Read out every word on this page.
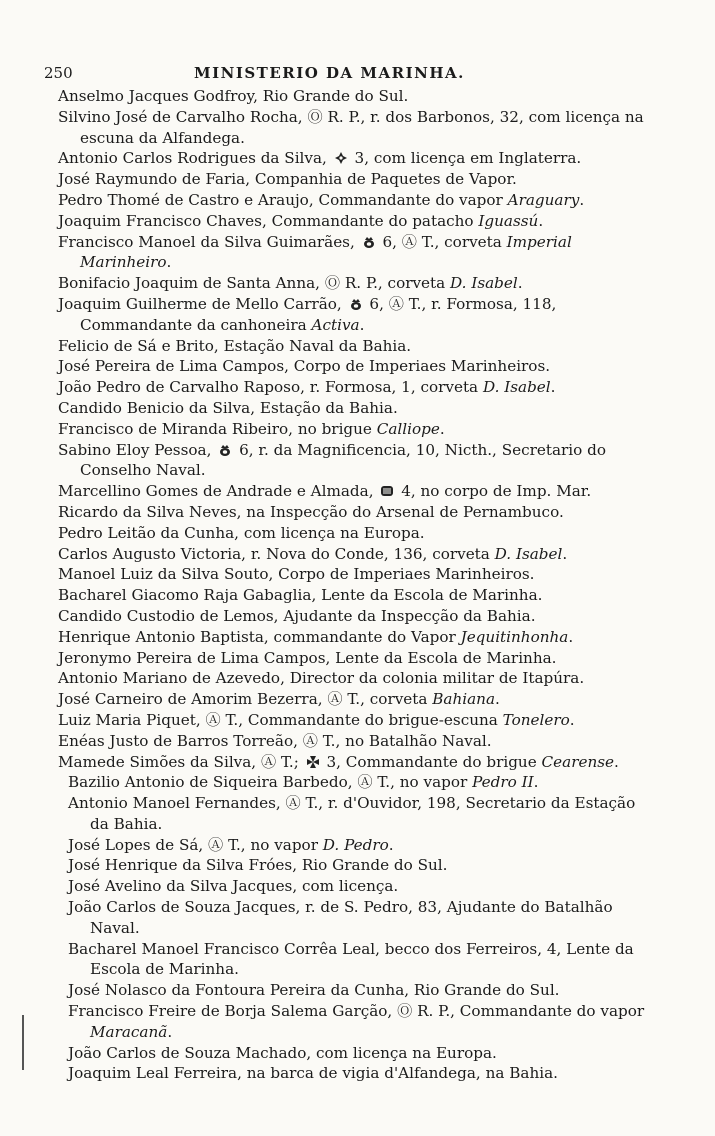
250	MINISTERIO DA MARINHA.
Anselmo Jacques Godfroy, Rio Grande do Sul.
Silvino José de Carvalho Rocha, Ⓞ R. P., r. dos Barbonos, 32, com licença na escuna da Alfandega.
Antonio Carlos Rodrigues da Silva, 3, com licença em Inglaterra.
José Raymundo de Faria, Companhia de Paquetes de Vapor.
Pedro Thomé de Castro e Araujo, Commandante do vapor Araguary.
Joaquim Francisco Chaves, Commandante do patacho Iguassú.
Francisco Manoel da Silva Guimarães, 6, Ⓐ T., corveta Imperial Marinheiro.
Bonifacio Joaquim de Santa Anna, Ⓞ R. P., corveta D. Isabel.
Joaquim Guilherme de Mello Carrão, 6, Ⓐ T., r. Formosa, 118, Commandante da canhoneira Activa.
Felicio de Sá e Brito, Estação Naval da Bahia.
José Pereira de Lima Campos, Corpo de Imperiaes Marinheiros.
João Pedro de Carvalho Raposo, r. Formosa, 1, corveta D. Isabel.
Candido Benicio da Silva, Estação da Bahia.
Francisco de Miranda Ribeiro, no brigue Calliope.
Sabino Eloy Pessoa, 6, r. da Magnificencia, 10, Nicth., Secretario do Conselho Naval.
Marcellino Gomes de Andrade e Almada, 4, no corpo de Imp. Mar.
Ricardo da Silva Neves, na Inspecção do Arsenal de Pernambuco.
Pedro Leitão da Cunha, com licença na Europa.
Carlos Augusto Victoria, r. Nova do Conde, 136, corveta D. Isabel.
Manoel Luiz da Silva Souto, Corpo de Imperiaes Marinheiros.
Bacharel Giacomo Raja Gabaglia, Lente da Escola de Marinha.
Candido Custodio de Lemos, Ajudante da Inspecção da Bahia.
Henrique Antonio Baptista, commandante do Vapor Jequitinhonha.
Jeronymo Pereira de Lima Campos, Lente da Escola de Marinha.
Antonio Mariano de Azevedo, Director da colonia militar de Itapúra.
José Carneiro de Amorim Bezerra, Ⓐ T., corveta Bahiana.
Luiz Maria Piquet, Ⓐ T., Commandante do brigue-escuna Tonelero.
Enéas Justo de Barros Torreão, Ⓐ T., no Batalhão Naval.
Mamede Simões da Silva, Ⓐ T.; 3, Commandante do brigue Cearense.
Bazilio Antonio de Siqueira Barbedo, Ⓐ T., no vapor Pedro II.
Antonio Manoel Fernandes, Ⓐ T., r. d'Ouvidor, 198, Secretario da Estação da Bahia.
José Lopes de Sá, Ⓐ T., no vapor D. Pedro.
José Henrique da Silva Fróes, Rio Grande do Sul.
José Avelino da Silva Jacques, com licença.
João Carlos de Souza Jacques, r. de S. Pedro, 83, Ajudante do Batalhão Naval.
Bacharel Manoel Francisco Corrêa Leal, becco dos Ferreiros, 4, Lente da Escola de Marinha.
José Nolasco da Fontoura Pereira da Cunha, Rio Grande do Sul.
Francisco Freire de Borja Salema Garção, Ⓞ R. P., Commandante do vapor Maracanã.
João Carlos de Souza Machado, com licença na Europa.
Joaquim Leal Ferreira, na barca de vigia d'Alfandega, na Bahia.
